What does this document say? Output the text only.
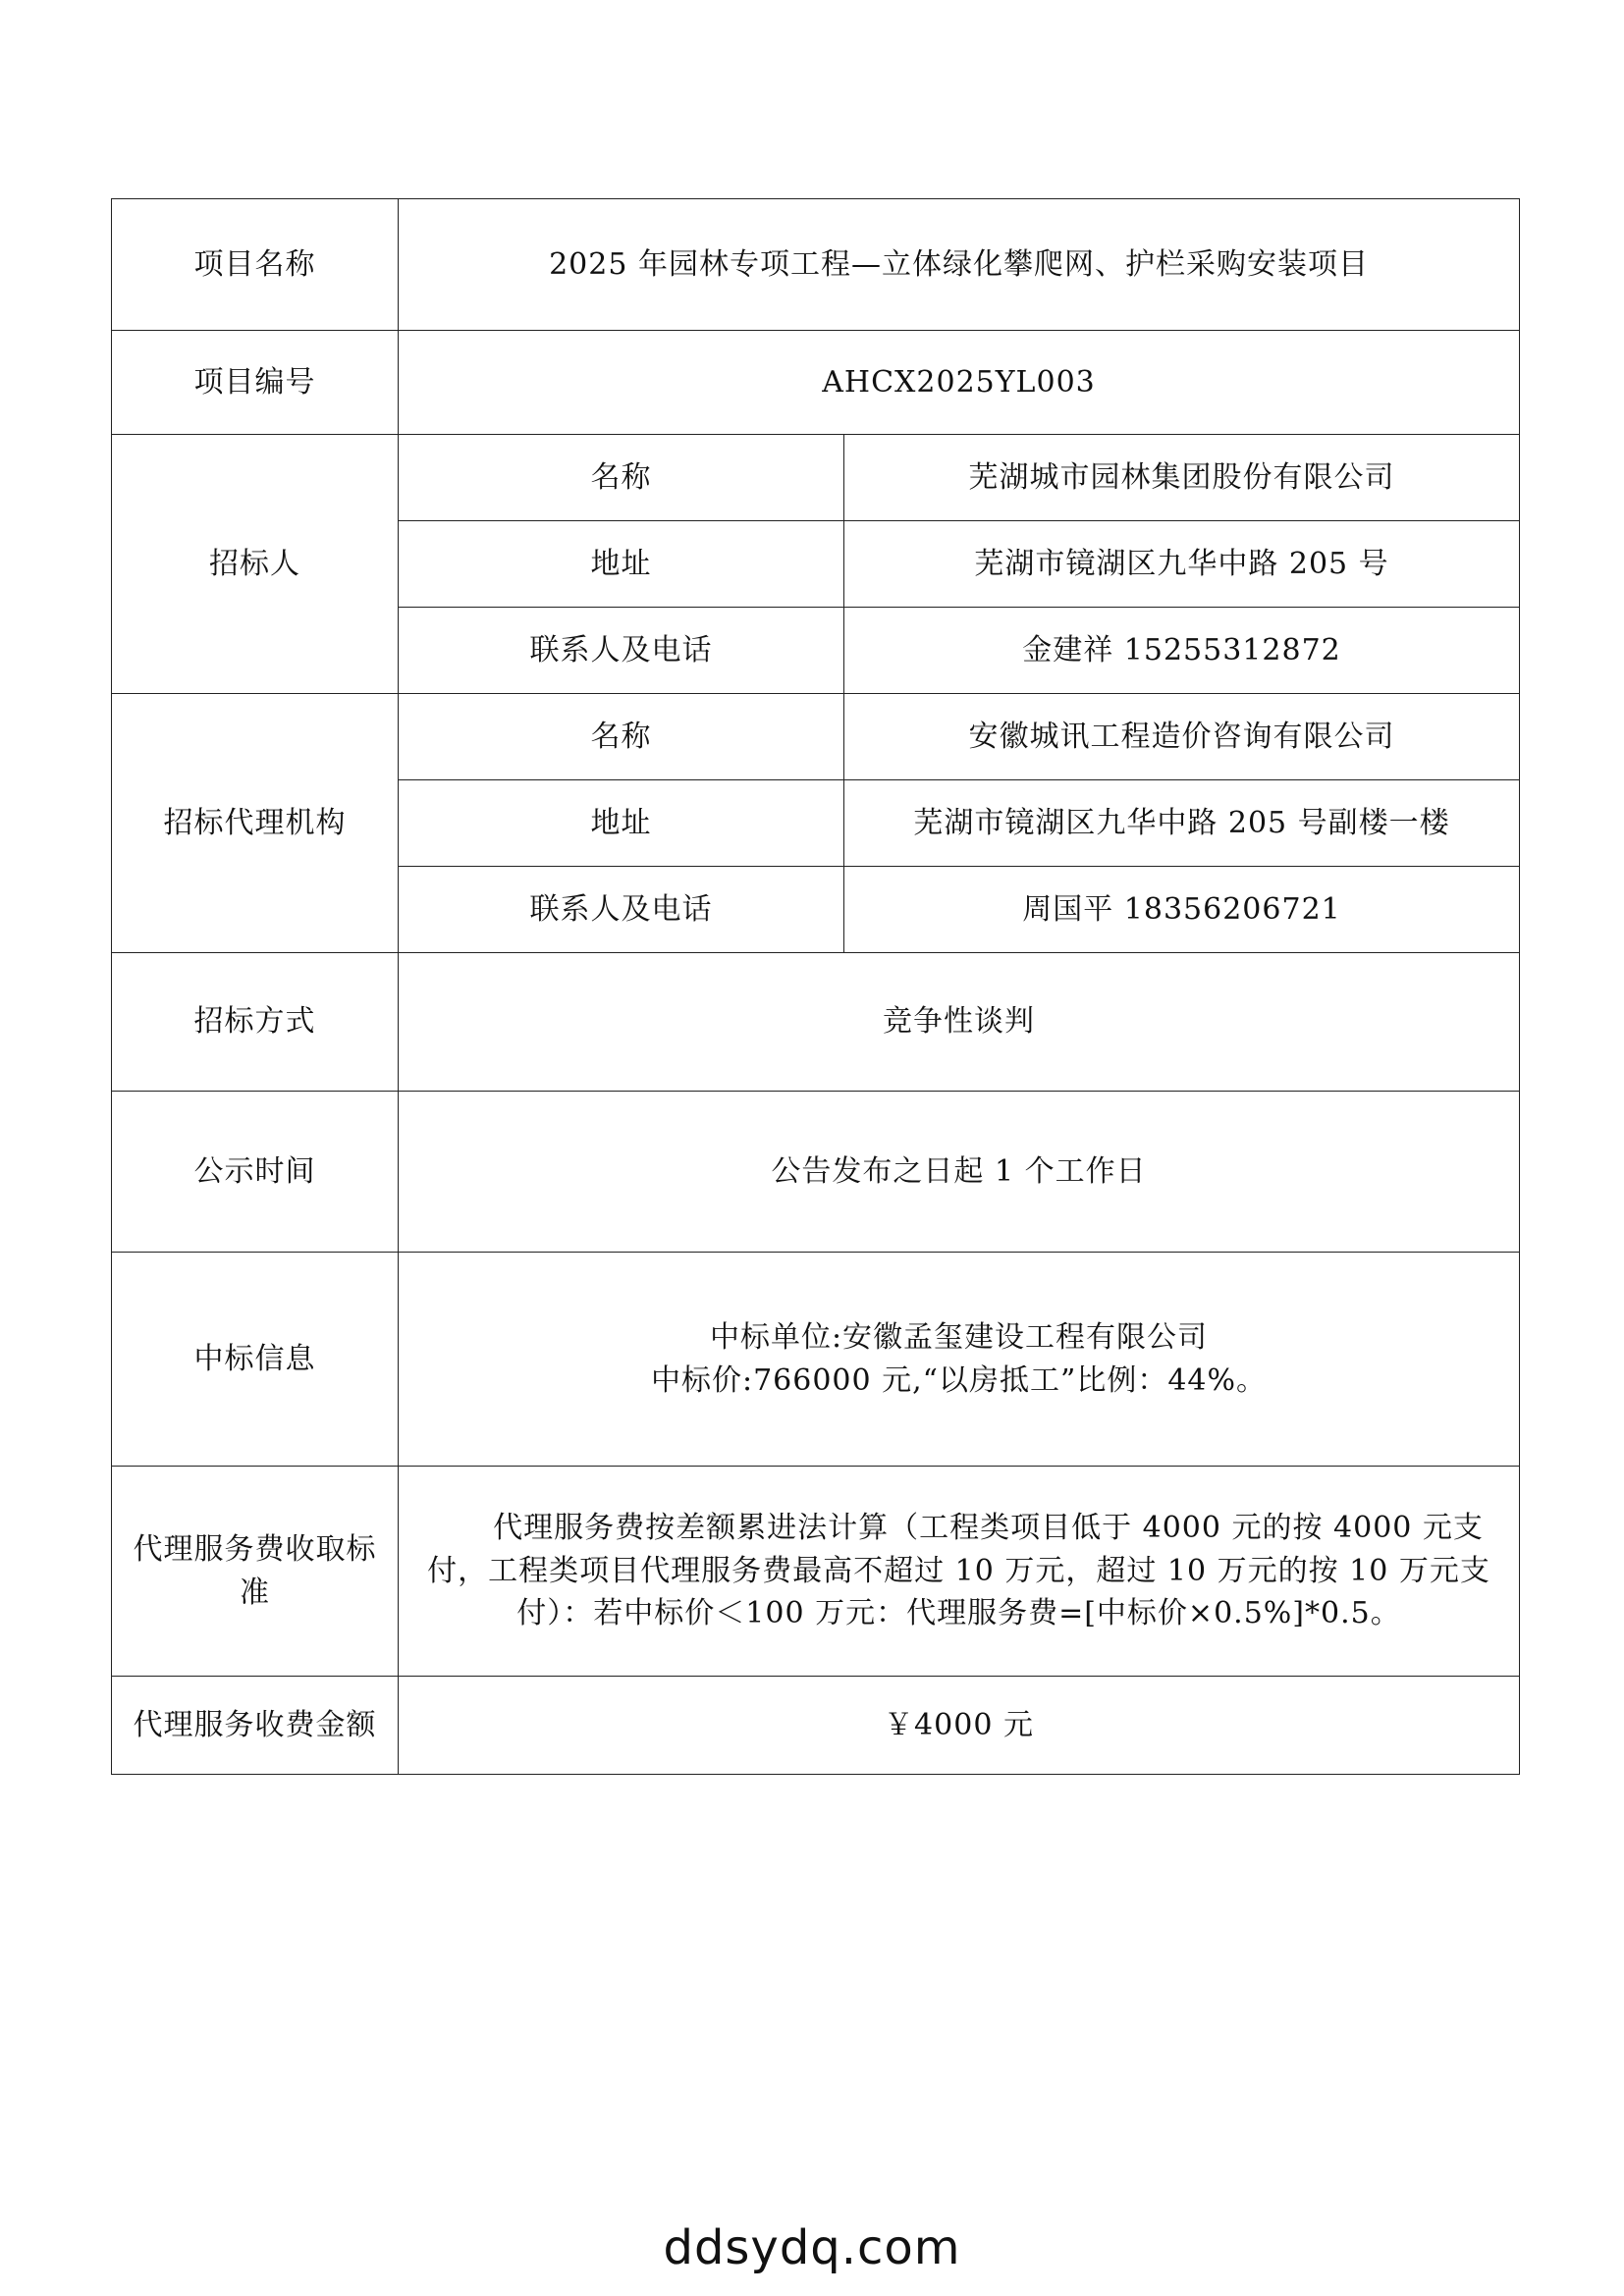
项目名称	2025 年园林专项工程—立体绿化攀爬网、护栏采购安装项目	
项目编号	AHCX2025YL003	
招标人	名称	芜湖城市园林集团股份有限公司
	地址	芜湖市镜湖区九华中路 205 号
	联系人及电话	金建祥 15255312872
招标代理机构	名称	安徽城讯工程造价咨询有限公司
	地址	芜湖市镜湖区九华中路 205 号副楼一楼
	联系人及电话	周国平 18356206721
招标方式	竞争性谈判	
公示时间	公告发布之日起 1 个工作日	
中标信息	中标单位:安徽孟玺建设工程有限公司
中标价:766000 元,“以房抵工”比例：44%。	

代理服务费收取标准	代理服务费按差额累进法计算（工程类项目低于 4000 元的按 4000 元支付，工程类项目代理服务费最高不超过 10 万元，超过 10 万元的按 10 万元支付）：若中标价＜100 万元：代理服务费=[中标价×0.5%]*0.5。	
代理服务收费金额	￥4000 元	
ddsydq.com
